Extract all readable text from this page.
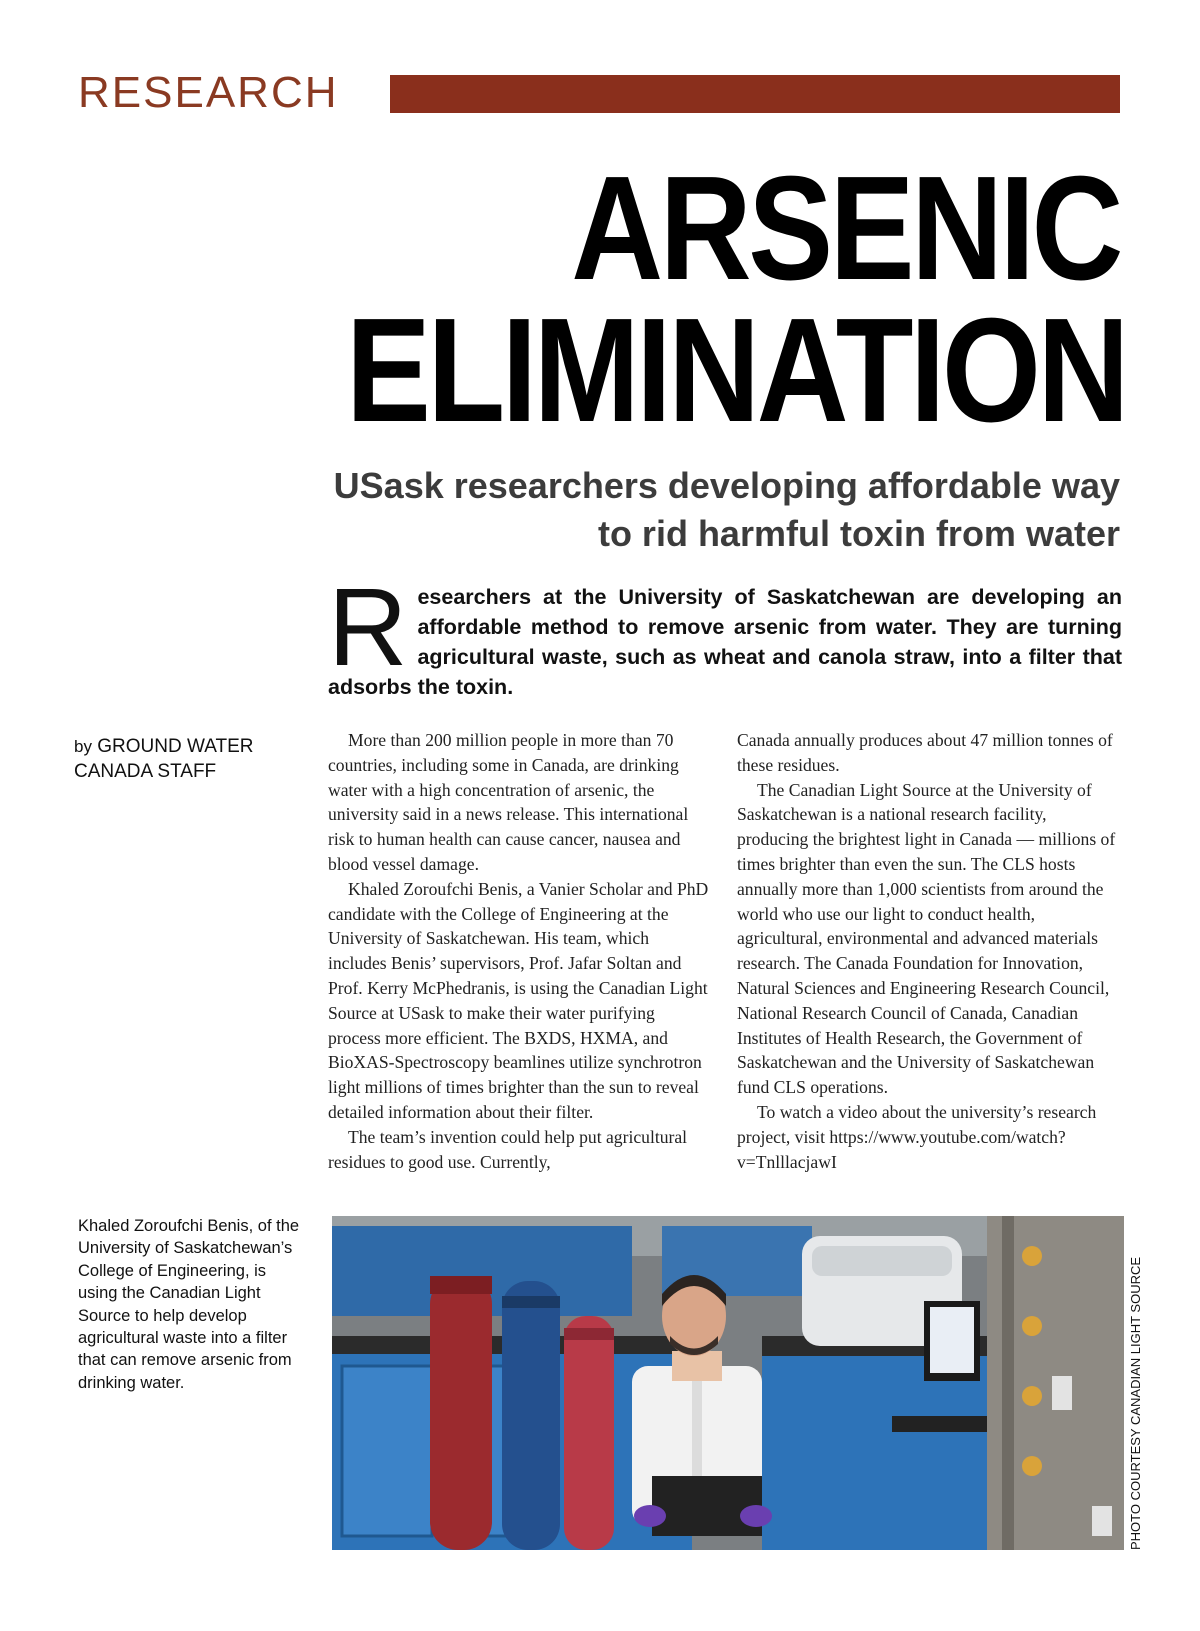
RESEARCH
ARSENIC
ELIMINATION
USask researchers developing affordable way
to rid harmful toxin from water
Researchers at the University of Saskatchewan are developing an affordable method to remove arsenic from water. They are turning agricultural waste, such as wheat and canola straw, into a filter that adsorbs the toxin.
by GROUND WATER CANADA STAFF

More than 200 million people in more than 70 countries, including some in Canada, are drinking water with a high concentration of arsenic, the university said in a news release. This international risk to human health can cause cancer, nausea and blood vessel damage.

Khaled Zoroufchi Benis, a Vanier Scholar and PhD candidate with the College of Engineering at the University of Saskatchewan. His team, which includes Benis’ supervisors, Prof. Jafar Soltan and Prof. Kerry McPhedranis, is using the Canadian Light Source at USask to make their water purifying process more efficient. The BXDS, HXMA, and BioXAS-Spectroscopy beamlines utilize synchrotron light millions of times brighter than the sun to reveal detailed information about their filter.

The team’s invention could help put agricultural residues to good use. Currently,

Canada annually produces about 47 million tonnes of these residues.

The Canadian Light Source at the University of Saskatchewan is a national research facility, producing the brightest light in Canada — millions of times brighter than even the sun. The CLS hosts annually more than 1,000 scientists from around the world who use our light to conduct health, agricultural, environmental and advanced materials research. The Canada Foundation for Innovation, Natural Sciences and Engineering Research Council, National Research Council of Canada, Canadian Institutes of Health Research, the Government of Saskatchewan and the University of Saskatchewan fund CLS operations.

To watch a video about the university’s research project, visit https://www.youtube.com/watch?v=TnlllacjawI

Khaled Zoroufchi Benis, of the University of Saskatchewan’s College of Engineering, is using the Canadian Light Source to help develop agricultural waste into a filter that can remove arsenic from drinking water.	PHOTO COURTESY CANADIAN LIGHT SOURCE
